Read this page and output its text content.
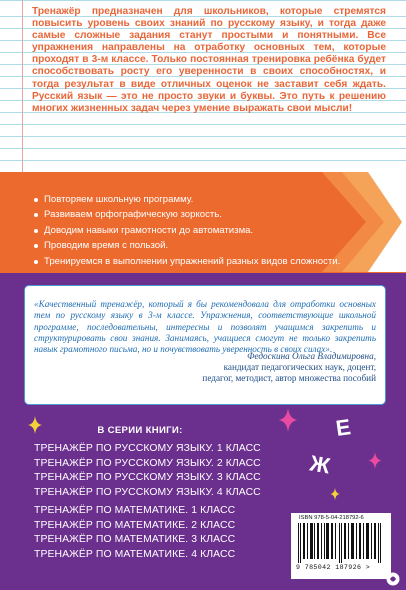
Тренажёр предназначен для школьников, которые стремятся повысить уровень своих знаний по русскому языку, и тогда даже самые сложные задания станут простыми и понятными. Все упражнения направлены на отработку основных тем, которые проходят в 3-м классе. Только постоянная тренировка ребёнка будет способствовать росту его уверенности в своих способностях, и тогда результат в виде отличных оценок не заставит себя ждать. Русский язык — это не просто звуки и буквы. Это путь к решению многих жизненных задач через умение выражать свои мысли!

Повторяем школьную программу.
Развиваем орфографическую зоркость.
Доводим навыки грамотности до автоматизма.
Проводим время с пользой.
Тренируемся в выполнении упражнений разных видов сложности.

«Качественный тренажёр, который я бы рекомендовала для отработки основных тем по русскому языку в 3-м классе. Упражнения, соответствующие школьной программе, последовательны, интересны и позволят учащимся закрепить и структурировать свои знания. Занимаясь, учащиеся смогут не только закрепить навык грамотного письма, но и почувствовать уверенность в своих силах».

Федоскина Ольга Владимировна,
кандидат педагогических наук, доцент,
педагог, методист, автор множества пособий
Е
Ж
В СЕРИИ КНИГИ:
ТРЕНАЖЁР ПО РУССКОМУ ЯЗЫКУ. 1 КЛАСС
ТРЕНАЖЁР ПО РУССКОМУ ЯЗЫКУ. 2 КЛАСС
ТРЕНАЖЁР ПО РУССКОМУ ЯЗЫКУ. 3 КЛАСС
ТРЕНАЖЁР ПО РУССКОМУ ЯЗЫКУ. 4 КЛАСС
ТРЕНАЖЁР ПО МАТЕМАТИКЕ. 1 КЛАСС
ТРЕНАЖЁР ПО МАТЕМАТИКЕ. 2 КЛАСС
ТРЕНАЖЁР ПО МАТЕМАТИКЕ. 3 КЛАСС
ТРЕНАЖЁР ПО МАТЕМАТИКЕ. 4 КЛАСС
ISBN 978-5-04-218792-6
9 785042 187926 >
